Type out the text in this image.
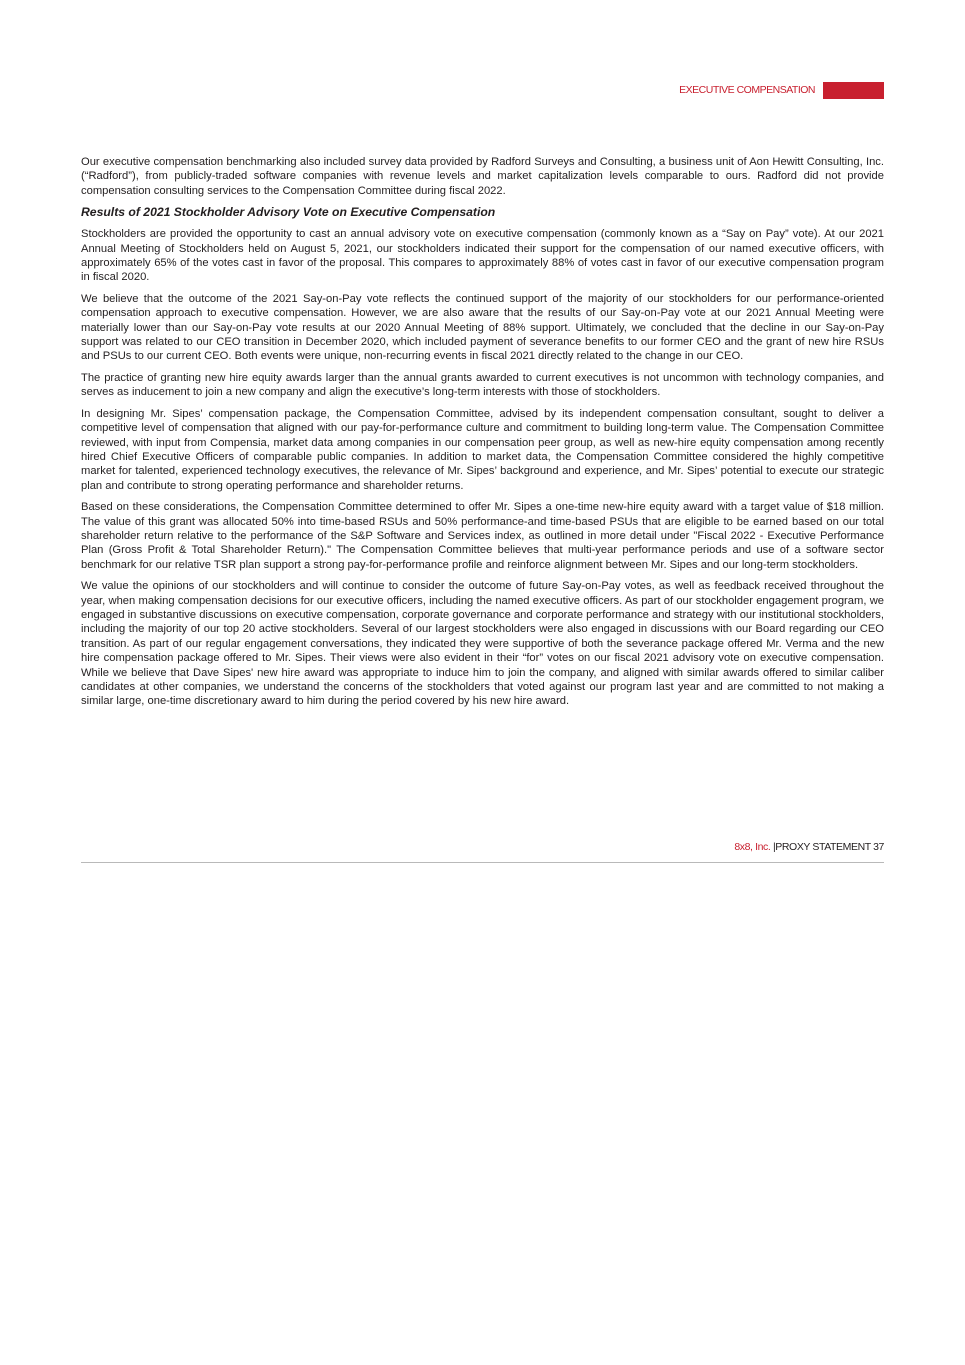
EXECUTIVE COMPENSATION

Our executive compensation benchmarking also included survey data provided by Radford Surveys and Consulting, a business unit of Aon Hewitt Consulting, Inc. (“Radford”), from publicly-traded software companies with revenue levels and market capitalization levels comparable to ours. Radford did not provide compensation consulting services to the Compensation Committee during fiscal 2022.

Results of 2021 Stockholder Advisory Vote on Executive Compensation

Stockholders are provided the opportunity to cast an annual advisory vote on executive compensation (commonly known as a “Say on Pay” vote). At our 2021 Annual Meeting of Stockholders held on August 5, 2021, our stockholders indicated their support for the compensation of our named executive officers, with approximately 65% of the votes cast in favor of the proposal. This compares to approximately 88% of votes cast in favor of our executive compensation program in fiscal 2020.

We believe that the outcome of the 2021 Say-on-Pay vote reflects the continued support of the majority of our stockholders for our performance-oriented compensation approach to executive compensation. However, we are also aware that the results of our Say-on-Pay vote at our 2021 Annual Meeting were materially lower than our Say-on-Pay vote results at our 2020 Annual Meeting of 88% support. Ultimately, we concluded that the decline in our Say-on-Pay support was related to our CEO transition in December 2020, which included payment of severance benefits to our former CEO and the grant of new hire RSUs and PSUs to our current CEO. Both events were unique, non-recurring events in fiscal 2021 directly related to the change in our CEO.

The practice of granting new hire equity awards larger than the annual grants awarded to current executives is not uncommon with technology companies, and serves as inducement to join a new company and align the executive’s long-term interests with those of stockholders.

In designing Mr. Sipes’ compensation package, the Compensation Committee, advised by its independent compensation consultant, sought to deliver a competitive level of compensation that aligned with our pay-for-performance culture and commitment to building long-term value. The Compensation Committee reviewed, with input from Compensia, market data among companies in our compensation peer group, as well as new-hire equity compensation among recently hired Chief Executive Officers of comparable public companies. In addition to market data, the Compensation Committee considered the highly competitive market for talented, experienced technology executives, the relevance of Mr. Sipes’ background and experience, and Mr. Sipes’ potential to execute our strategic plan and contribute to strong operating performance and shareholder returns.

Based on these considerations, the Compensation Committee determined to offer Mr. Sipes a one-time new-hire equity award with a target value of $18 million. The value of this grant was allocated 50% into time-based RSUs and 50% performance-and time-based PSUs that are eligible to be earned based on our total shareholder return relative to the performance of the S&P Software and Services index, as outlined in more detail under "Fiscal 2022 - Executive Performance Plan (Gross Profit & Total Shareholder Return)." The Compensation Committee believes that multi-year performance periods and use of a software sector benchmark for our relative TSR plan support a strong pay-for-performance profile and reinforce alignment between Mr. Sipes and our long-term stockholders.

We value the opinions of our stockholders and will continue to consider the outcome of future Say-on-Pay votes, as well as feedback received throughout the year, when making compensation decisions for our executive officers, including the named executive officers. As part of our stockholder engagement program, we engaged in substantive discussions on executive compensation, corporate governance and corporate performance and strategy with our institutional stockholders, including the majority of our top 20 active stockholders. Several of our largest stockholders were also engaged in discussions with our Board regarding our CEO transition. As part of our regular engagement conversations, they indicated they were supportive of both the severance package offered Mr. Verma and the new hire compensation package offered to Mr. Sipes. Their views were also evident in their “for” votes on our fiscal 2021 advisory vote on executive compensation. While we believe that Dave Sipes' new hire award was appropriate to induce him to join the company, and aligned with similar awards offered to similar caliber candidates at other companies, we understand the concerns of the stockholders that voted against our program last year and are committed to not making a similar large, one-time discretionary award to him during the period covered by his new hire award.

8x8, Inc. |PROXY STATEMENT 37
